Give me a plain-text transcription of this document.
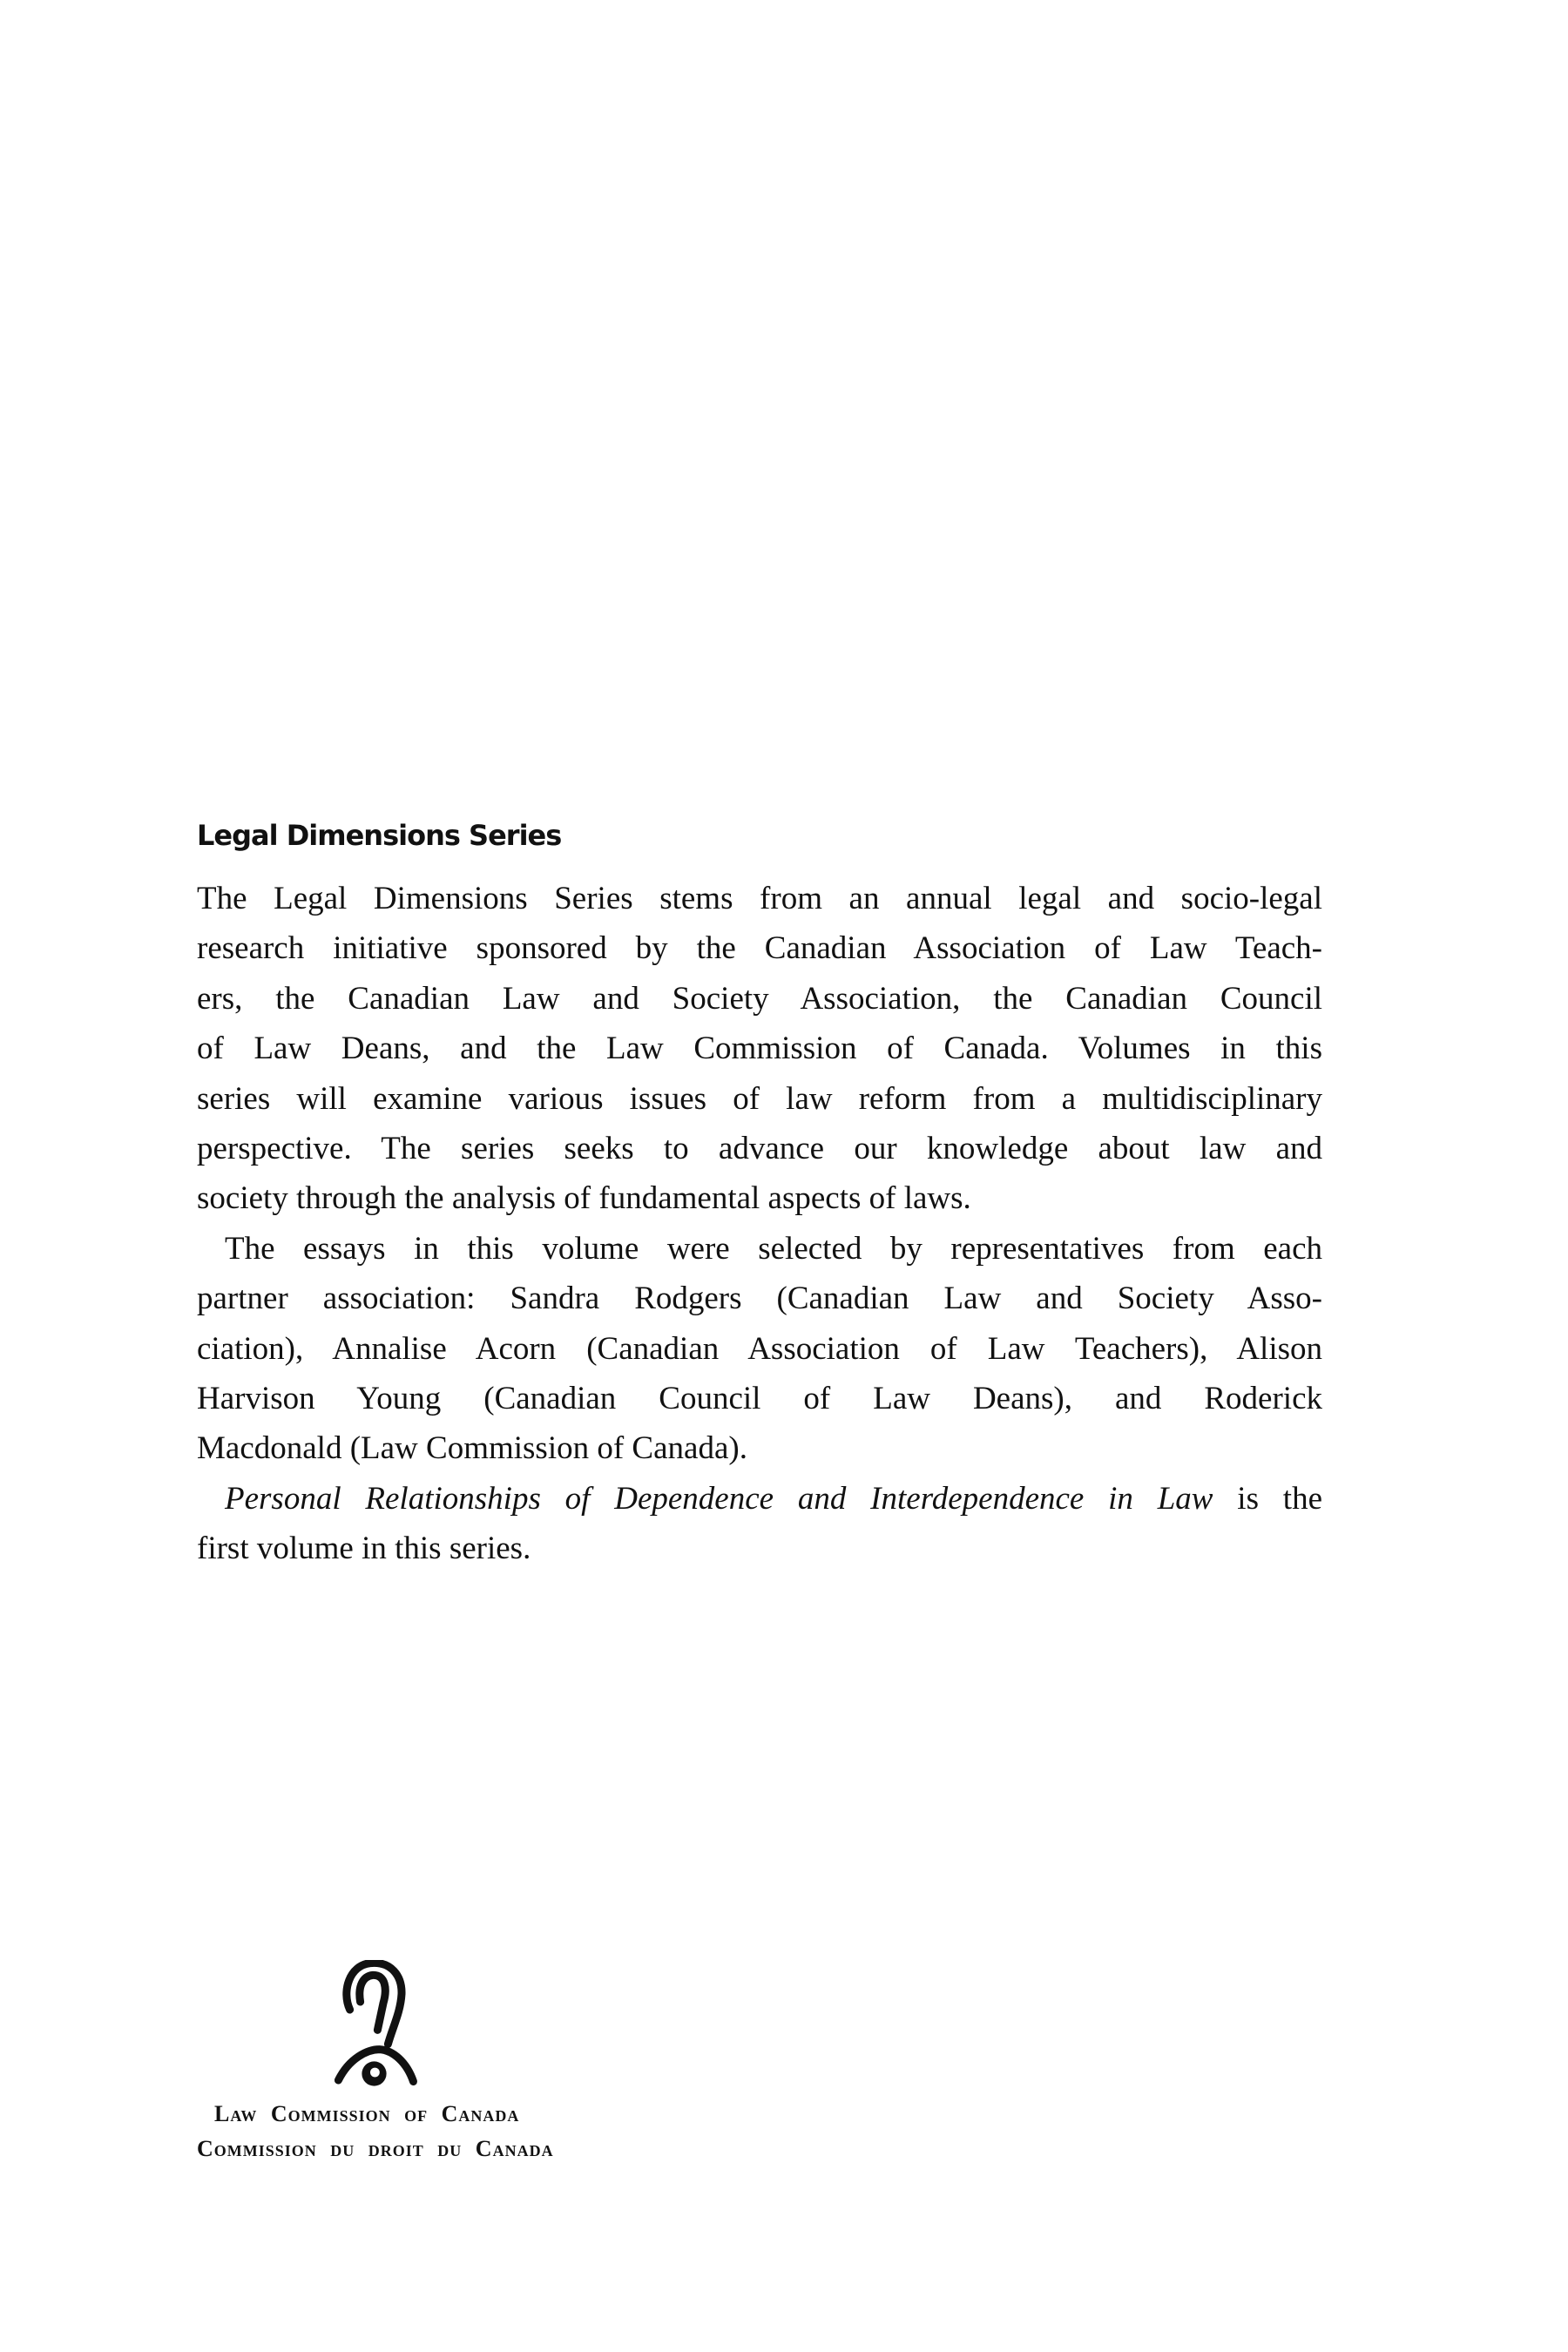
Legal Dimensions Series
The Legal Dimensions Series stems from an annual legal and socio-legal
research initiative sponsored by the Canadian Association of Law Teach-
ers, the Canadian Law and Society Association, the Canadian Council
of Law Deans, and the Law Commission of Canada. Volumes in this
series will examine various issues of law reform from a multidisciplinary
perspective. The series seeks to advance our knowledge about law and
society through the analysis of fundamental aspects of laws.
The essays in this volume were selected by representatives from each
partner association: Sandra Rodgers (Canadian Law and Society Asso-
ciation), Annalise Acorn (Canadian Association of Law Teachers), Alison
Harvison Young (Canadian Council of Law Deans), and Roderick
Macdonald (Law Commission of Canada).
Personal Relationships of Dependence and Interdependence in Law is the
first volume in this series.
Law Commission of Canada
Commission du droit du Canada
